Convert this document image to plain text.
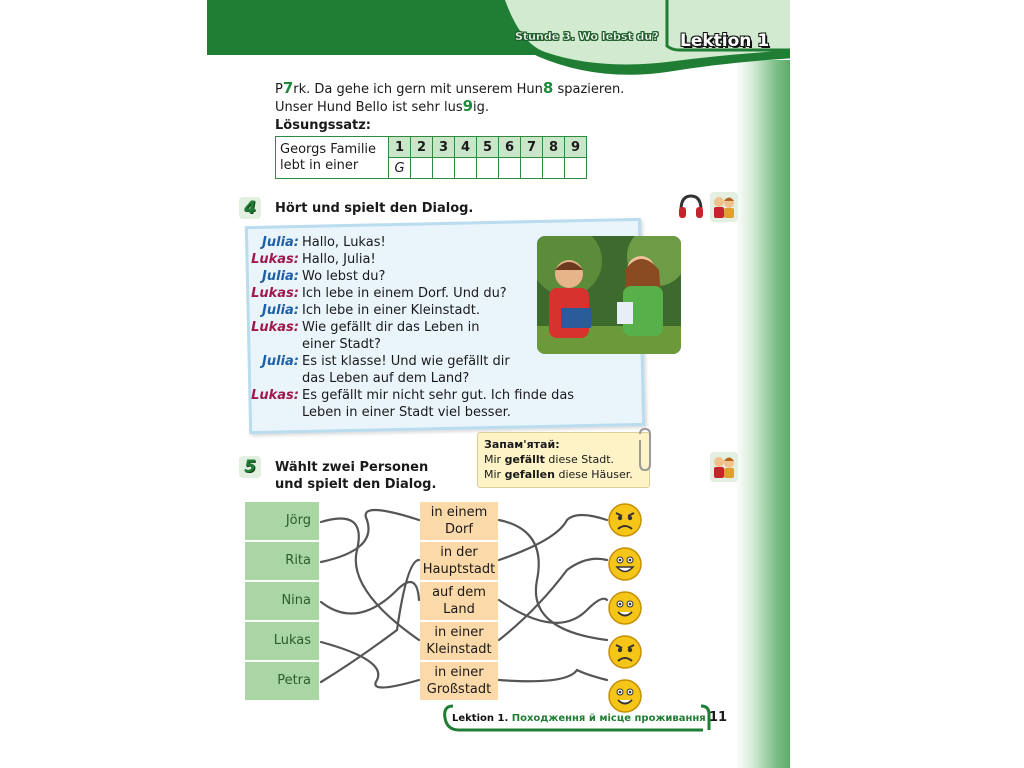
Stunde 3. Wo lebst du? Lektion 1
P7rk. Da gehe ich gern mit unserem Hun8 spazieren.
Unser Hund Bello ist sehr lus9ig.
Lösungssatz:
Georgs Familie
lebt in einer	1	2	3	4	5	6	7	8	9
	G								
4	Hört und spielt den Dialog.
Julia: Hallo, Lukas!
Lukas: Hallo, Julia!
Julia: Wo lebst du?
Lukas: Ich lebe in einem Dorf. Und du?
Julia: Ich lebe in einer Kleinstadt.
Lukas: Wie gefällt dir das Leben in
einer Stadt?
Julia: Es ist klasse! Und wie gefällt dir
das Leben auf dem Land?
Lukas: Es gefällt mir nicht sehr gut. Ich finde das
Leben in einer Stadt viel besser.
Запам'ятай:
Mir gefällt diese Stadt.
Mir gefallen diese Häuser.
5	Wählt zwei Personen
und spielt den Dialog.
Jörg
Rita
Nina
Lukas
Petra
in einem
Dorf
in der
Hauptstadt
auf dem
Land
in einer
Kleinstadt
in einer
Großstadt

Lektion 1. Походження й місце проживання 11
